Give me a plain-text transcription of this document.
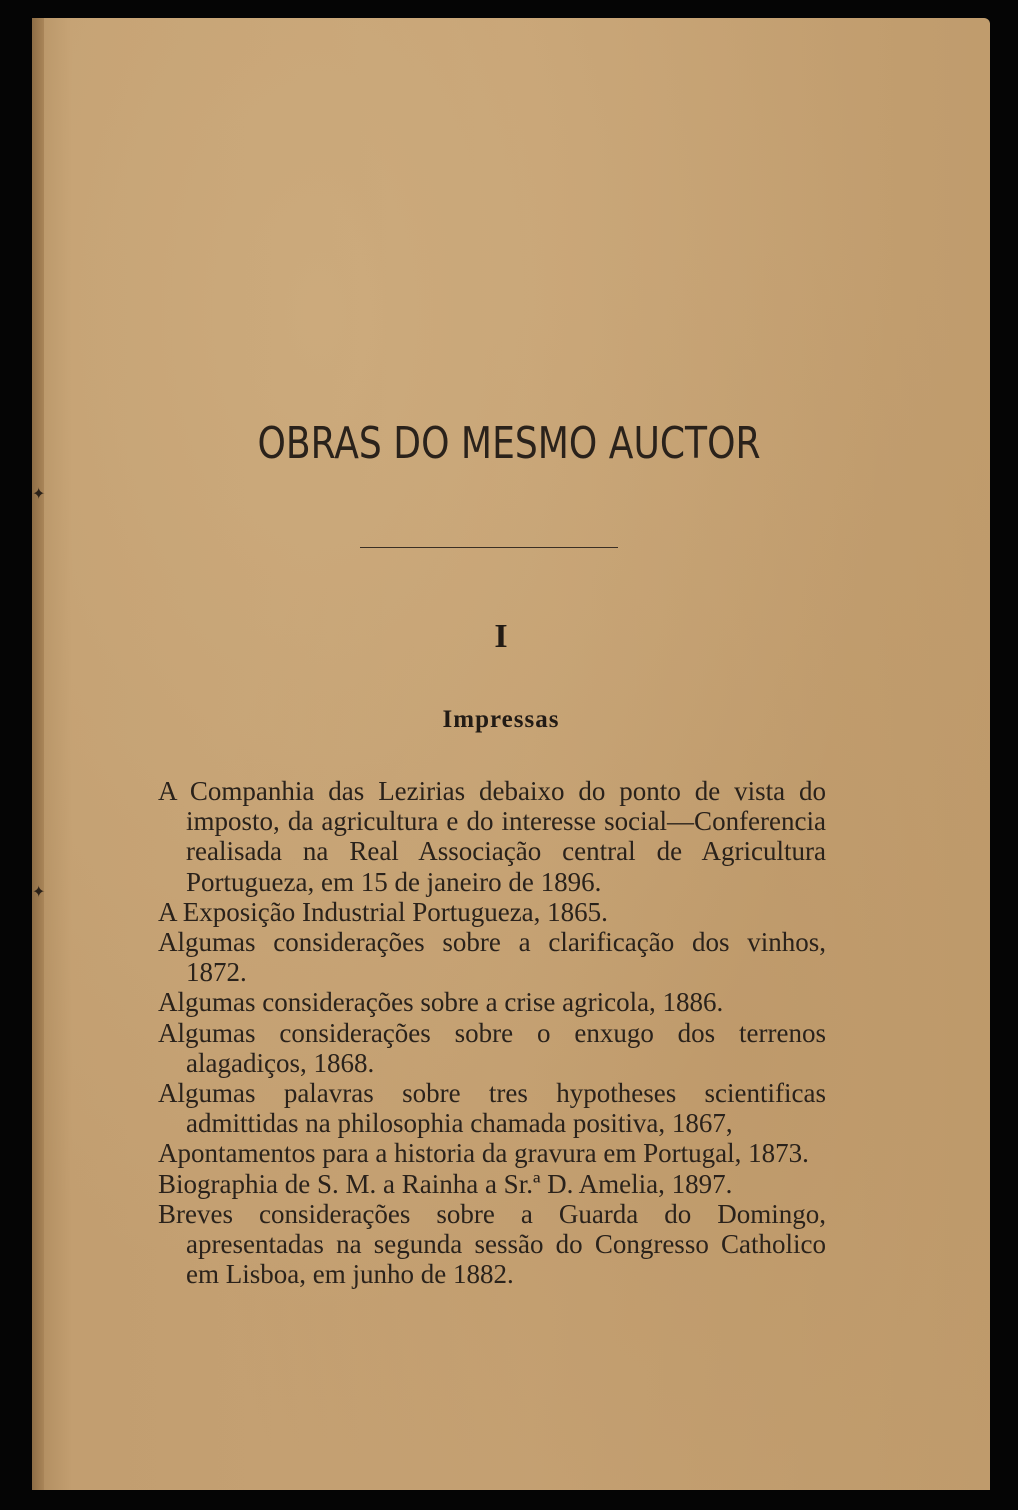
✦
✦
OBRAS DO MESMO AUCTOR
I
Impressas
A Companhia das Lezirias debaixo do ponto de vista do imposto, da agricultura e do interesse social—Conferencia realisada na Real Associação central de Agricultura Portugueza, em 15 de janeiro de 1896.
A Exposição Industrial Portugueza, 1865.
Algumas considerações sobre a clarificação dos vinhos, 1872.
Algumas considerações sobre a crise agricola, 1886.
Algumas considerações sobre o enxugo dos terrenos alagadiços, 1868.
Algumas palavras sobre tres hypotheses scientificas admittidas na philosophia chamada positiva, 1867,
Apontamentos para a historia da gravura em Portugal, 1873.
Biographia de S. M. a Rainha a Sr.ª D. Amelia, 1897.
Breves considerações sobre a Guarda do Domingo, apresentadas na segunda sessão do Congresso Catholico em Lisboa, em junho de 1882.
